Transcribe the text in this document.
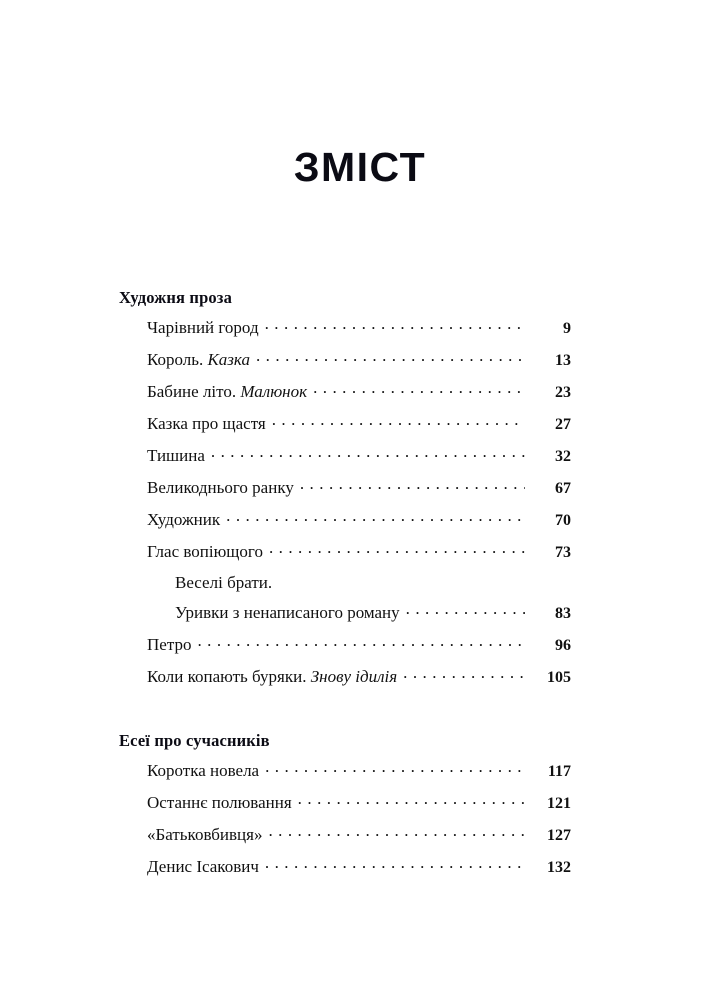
ЗМІСТ
Художня проза
Чарівний город . . .	9
Король. Казка . . .	13
Бабине літо. Малюнок . . .	23
Казка про щастя . . .	27
Тишина . . .	32
Великоднього ранку . . .	67
Художник . . .	70
Глас вопіющого . . .	73
Веселі брати.
Уривки з ненаписаного роману . . .	83
Петро . . .	96
Коли копають буряки. Знову ідилія . . .	105
Есеї про сучасників
Коротка новела . . .	117
Останнє полювання . . .	121
«Батьковбивця» . . .	127
Денис Ісакович . . .	132
